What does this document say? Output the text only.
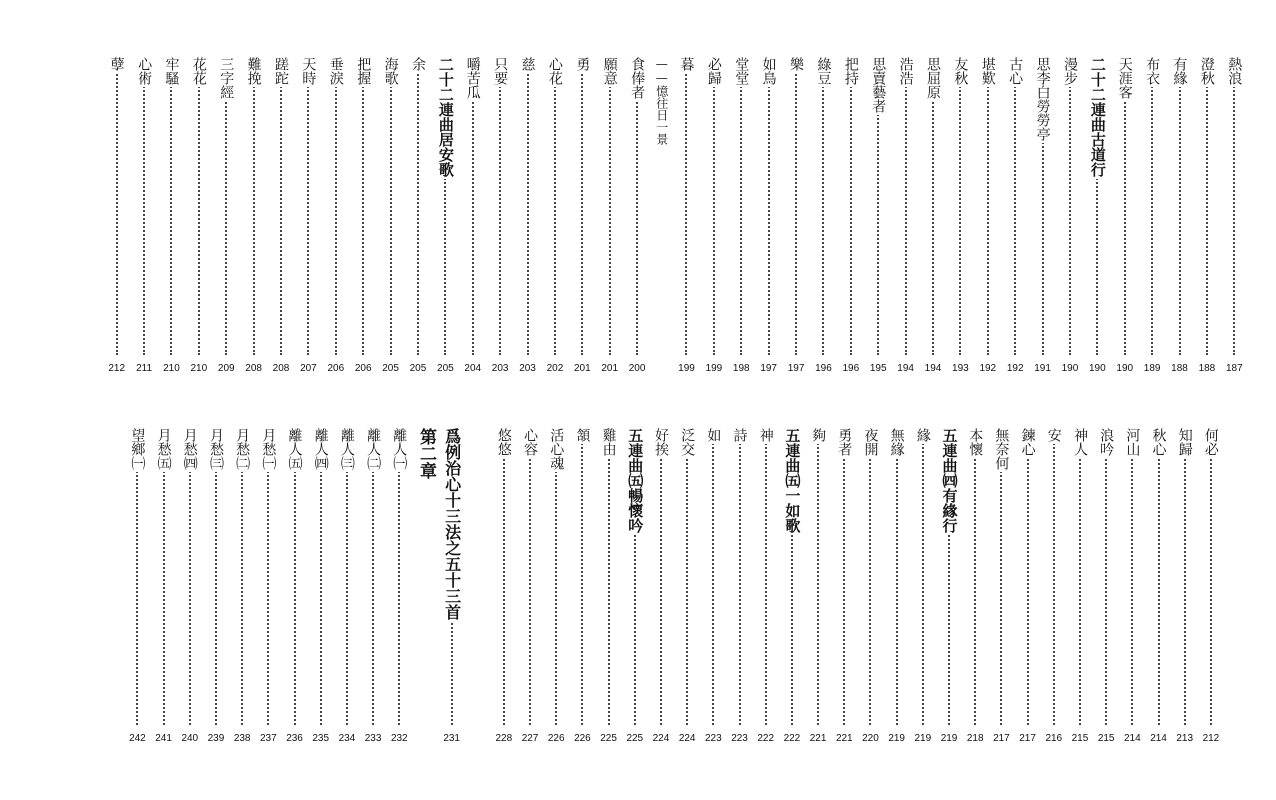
熱浪
187
澄秋
188
有緣
188
布衣
189
天涯客
190
二十二連曲古道行
190
漫步
190
思李白勞勞亭
191
古心
192
堪歎
192
友秋
193
思屈原
194
浩浩
194
思賣藝者
195
把持
196
綠豆
196
樂
197
如鳥
197
堂堂
198
必歸
199
暮
199
——憶往日一景
食俸者
200
願意
201
勇
201
心花
202
慈
203
只要
203
嚼苦瓜
204
二十二連曲居安歌
205
余
205
海歌
205
把握
206
垂淚
206
天時
207
蹉跎
208
難挽
208
三字經
209
花花
210
牢騷
210
心術
211
孽
212
何必
212
知歸
213
秋心
214
河山
214
浪吟
215
神人
215
安
216
鍊心
217
無奈何
217
本懷
218
五連曲㈣有緣行
219
緣
219
無緣
219
夜開
220
勇者
221
夠
221
五連曲㈤一如歌
222
神
222
詩
223
如
223
泛交
224
好挨
224
五連曲㈤暢懷吟
225
雞由
225
頷
226
活心魂
226
心容
227
悠悠
228
爲例治心十三法之五十三首
231
第二章
離人㈠
232
離人㈡
233
離人㈢
234
離人㈣
235
離人㈤
236
月愁㈠
237
月愁㈡
238
月愁㈢
239
月愁㈣
240
月愁㈤
241
望鄉㈠
242
